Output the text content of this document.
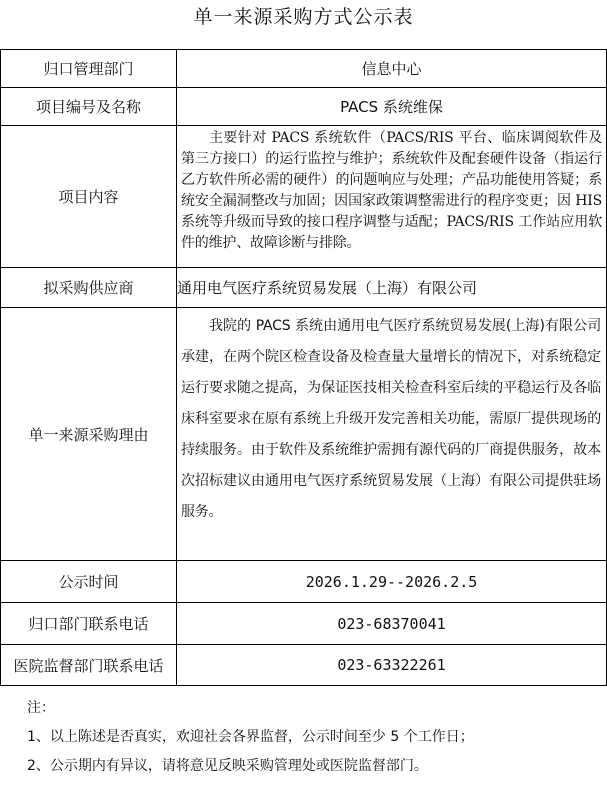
单一来源采购方式公示表
归口管理部门	信息中心
项目编号及名称	PACS 系统维保
项目内容	主要针对 PACS 系统软件（PACS/RIS 平台、临床调阅软件及第三方接口）的运行监控与维护；系统软件及配套硬件设备（指运行乙方软件所必需的硬件）的问题响应与处理；产品功能使用答疑；系统安全漏洞整改与加固；因国家政策调整需进行的程序变更；因 HIS 系统等升级而导致的接口程序调整与适配；PACS/RIS 工作站应用软件的维护、故障诊断与排除。

拟采购供应商	通用电气医疗系统贸易发展（上海）有限公司
单一来源采购理由	我院的 PACS 系统由通用电气医疗系统贸易发展(上海)有限公司承建，在两个院区检查设备及检查量大量增长的情况下，对系统稳定运行要求随之提高，为保证医技相关检查科室后续的平稳运行及各临床科室要求在原有系统上升级开发完善相关功能，需原厂提供现场的持续服务。由于软件及系统维护需拥有源代码的厂商提供服务，故本次招标建议由通用电气医疗系统贸易发展（上海）有限公司提供驻场服务。

公示时间	2026.1.29--2026.2.5
归口部门联系电话	023-68370041
医院监督部门联系电话	023-63322261
注：
1、以上陈述是否真实，欢迎社会各界监督，公示时间至少 5 个工作日；
2、公示期内有异议，请将意见反映采购管理处或医院监督部门。
